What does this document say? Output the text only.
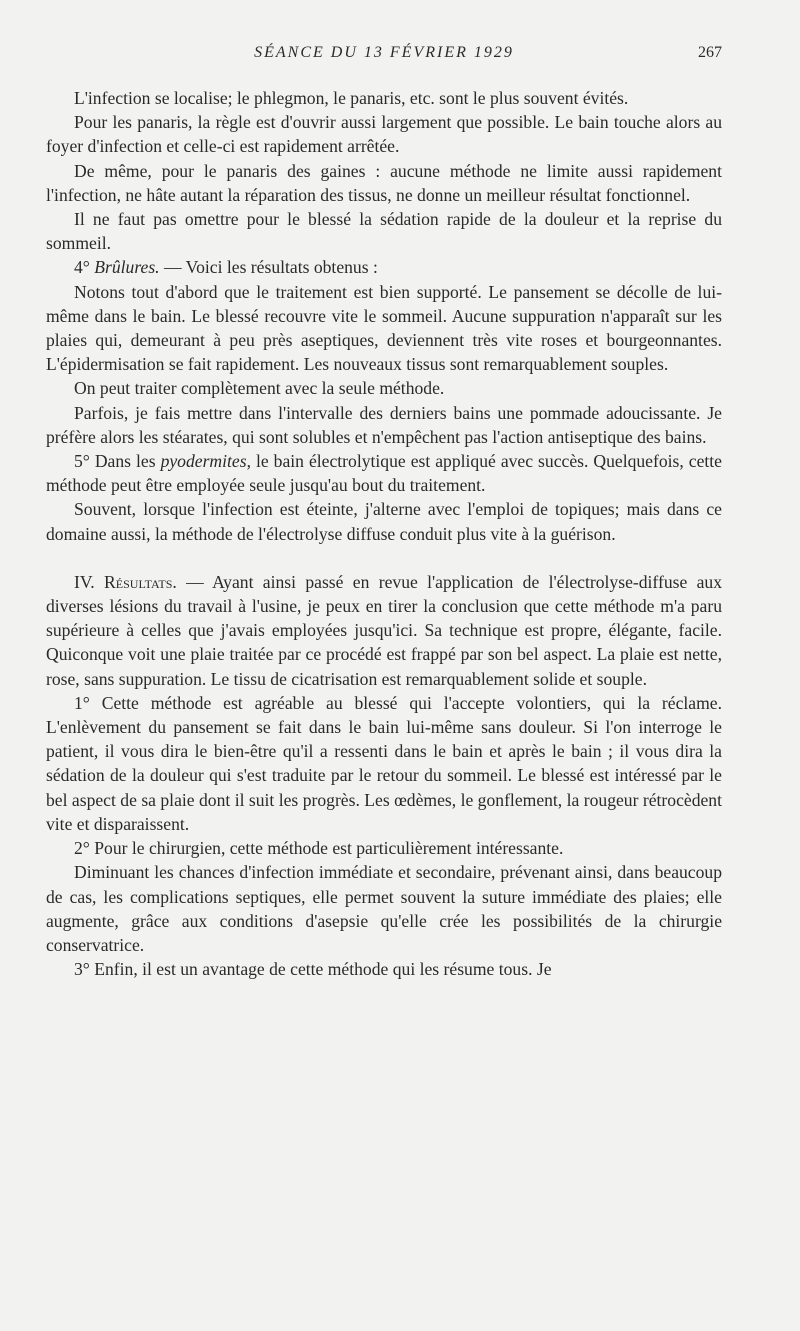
SÉANCE DU 13 FÉVRIER 1929	267

L'infection se localise; le phlegmon, le panaris, etc. sont le plus souvent évités.

Pour les panaris, la règle est d'ouvrir aussi largement que possible. Le bain touche alors au foyer d'infection et celle-ci est rapidement arrêtée.

De même, pour le panaris des gaines : aucune méthode ne limite aussi rapidement l'infection, ne hâte autant la réparation des tissus, ne donne un meilleur résultat fonctionnel.

Il ne faut pas omettre pour le blessé la sédation rapide de la douleur et la reprise du sommeil.

4° Brûlures. — Voici les résultats obtenus :

Notons tout d'abord que le traitement est bien supporté. Le pansement se décolle de lui-même dans le bain. Le blessé recouvre vite le sommeil. Aucune suppuration n'apparaît sur les plaies qui, demeurant à peu près aseptiques, deviennent très vite roses et bourgeonnantes. L'épidermisation se fait rapidement. Les nouveaux tissus sont remarquablement souples.

On peut traiter complètement avec la seule méthode.

Parfois, je fais mettre dans l'intervalle des derniers bains une pommade adoucissante. Je préfère alors les stéarates, qui sont solubles et n'empêchent pas l'action antiseptique des bains.

5° Dans les pyodermites, le bain électrolytique est appliqué avec succès. Quelquefois, cette méthode peut être employée seule jusqu'au bout du traitement.

Souvent, lorsque l'infection est éteinte, j'alterne avec l'emploi de topiques; mais dans ce domaine aussi, la méthode de l'électrolyse diffuse conduit plus vite à la guérison.

IV. Résultats. — Ayant ainsi passé en revue l'application de l'électrolyse-diffuse aux diverses lésions du travail à l'usine, je peux en tirer la conclusion que cette méthode m'a paru supérieure à celles que j'avais employées jusqu'ici. Sa technique est propre, élégante, facile. Quiconque voit une plaie traitée par ce procédé est frappé par son bel aspect. La plaie est nette, rose, sans suppuration. Le tissu de cicatrisation est remarquablement solide et souple.

1° Cette méthode est agréable au blessé qui l'accepte volontiers, qui la réclame. L'enlèvement du pansement se fait dans le bain lui-même sans douleur. Si l'on interroge le patient, il vous dira le bien-être qu'il a ressenti dans le bain et après le bain ; il vous dira la sédation de la douleur qui s'est traduite par le retour du sommeil. Le blessé est intéressé par le bel aspect de sa plaie dont il suit les progrès. Les œdèmes, le gonflement, la rougeur rétrocèdent vite et disparaissent.

2° Pour le chirurgien, cette méthode est particulièrement intéressante.

Diminuant les chances d'infection immédiate et secondaire, prévenant ainsi, dans beaucoup de cas, les complications septiques, elle permet souvent la suture immédiate des plaies; elle augmente, grâce aux conditions d'asepsie qu'elle crée les possibilités de la chirurgie conservatrice.

3° Enfin, il est un avantage de cette méthode qui les résume tous. Je
